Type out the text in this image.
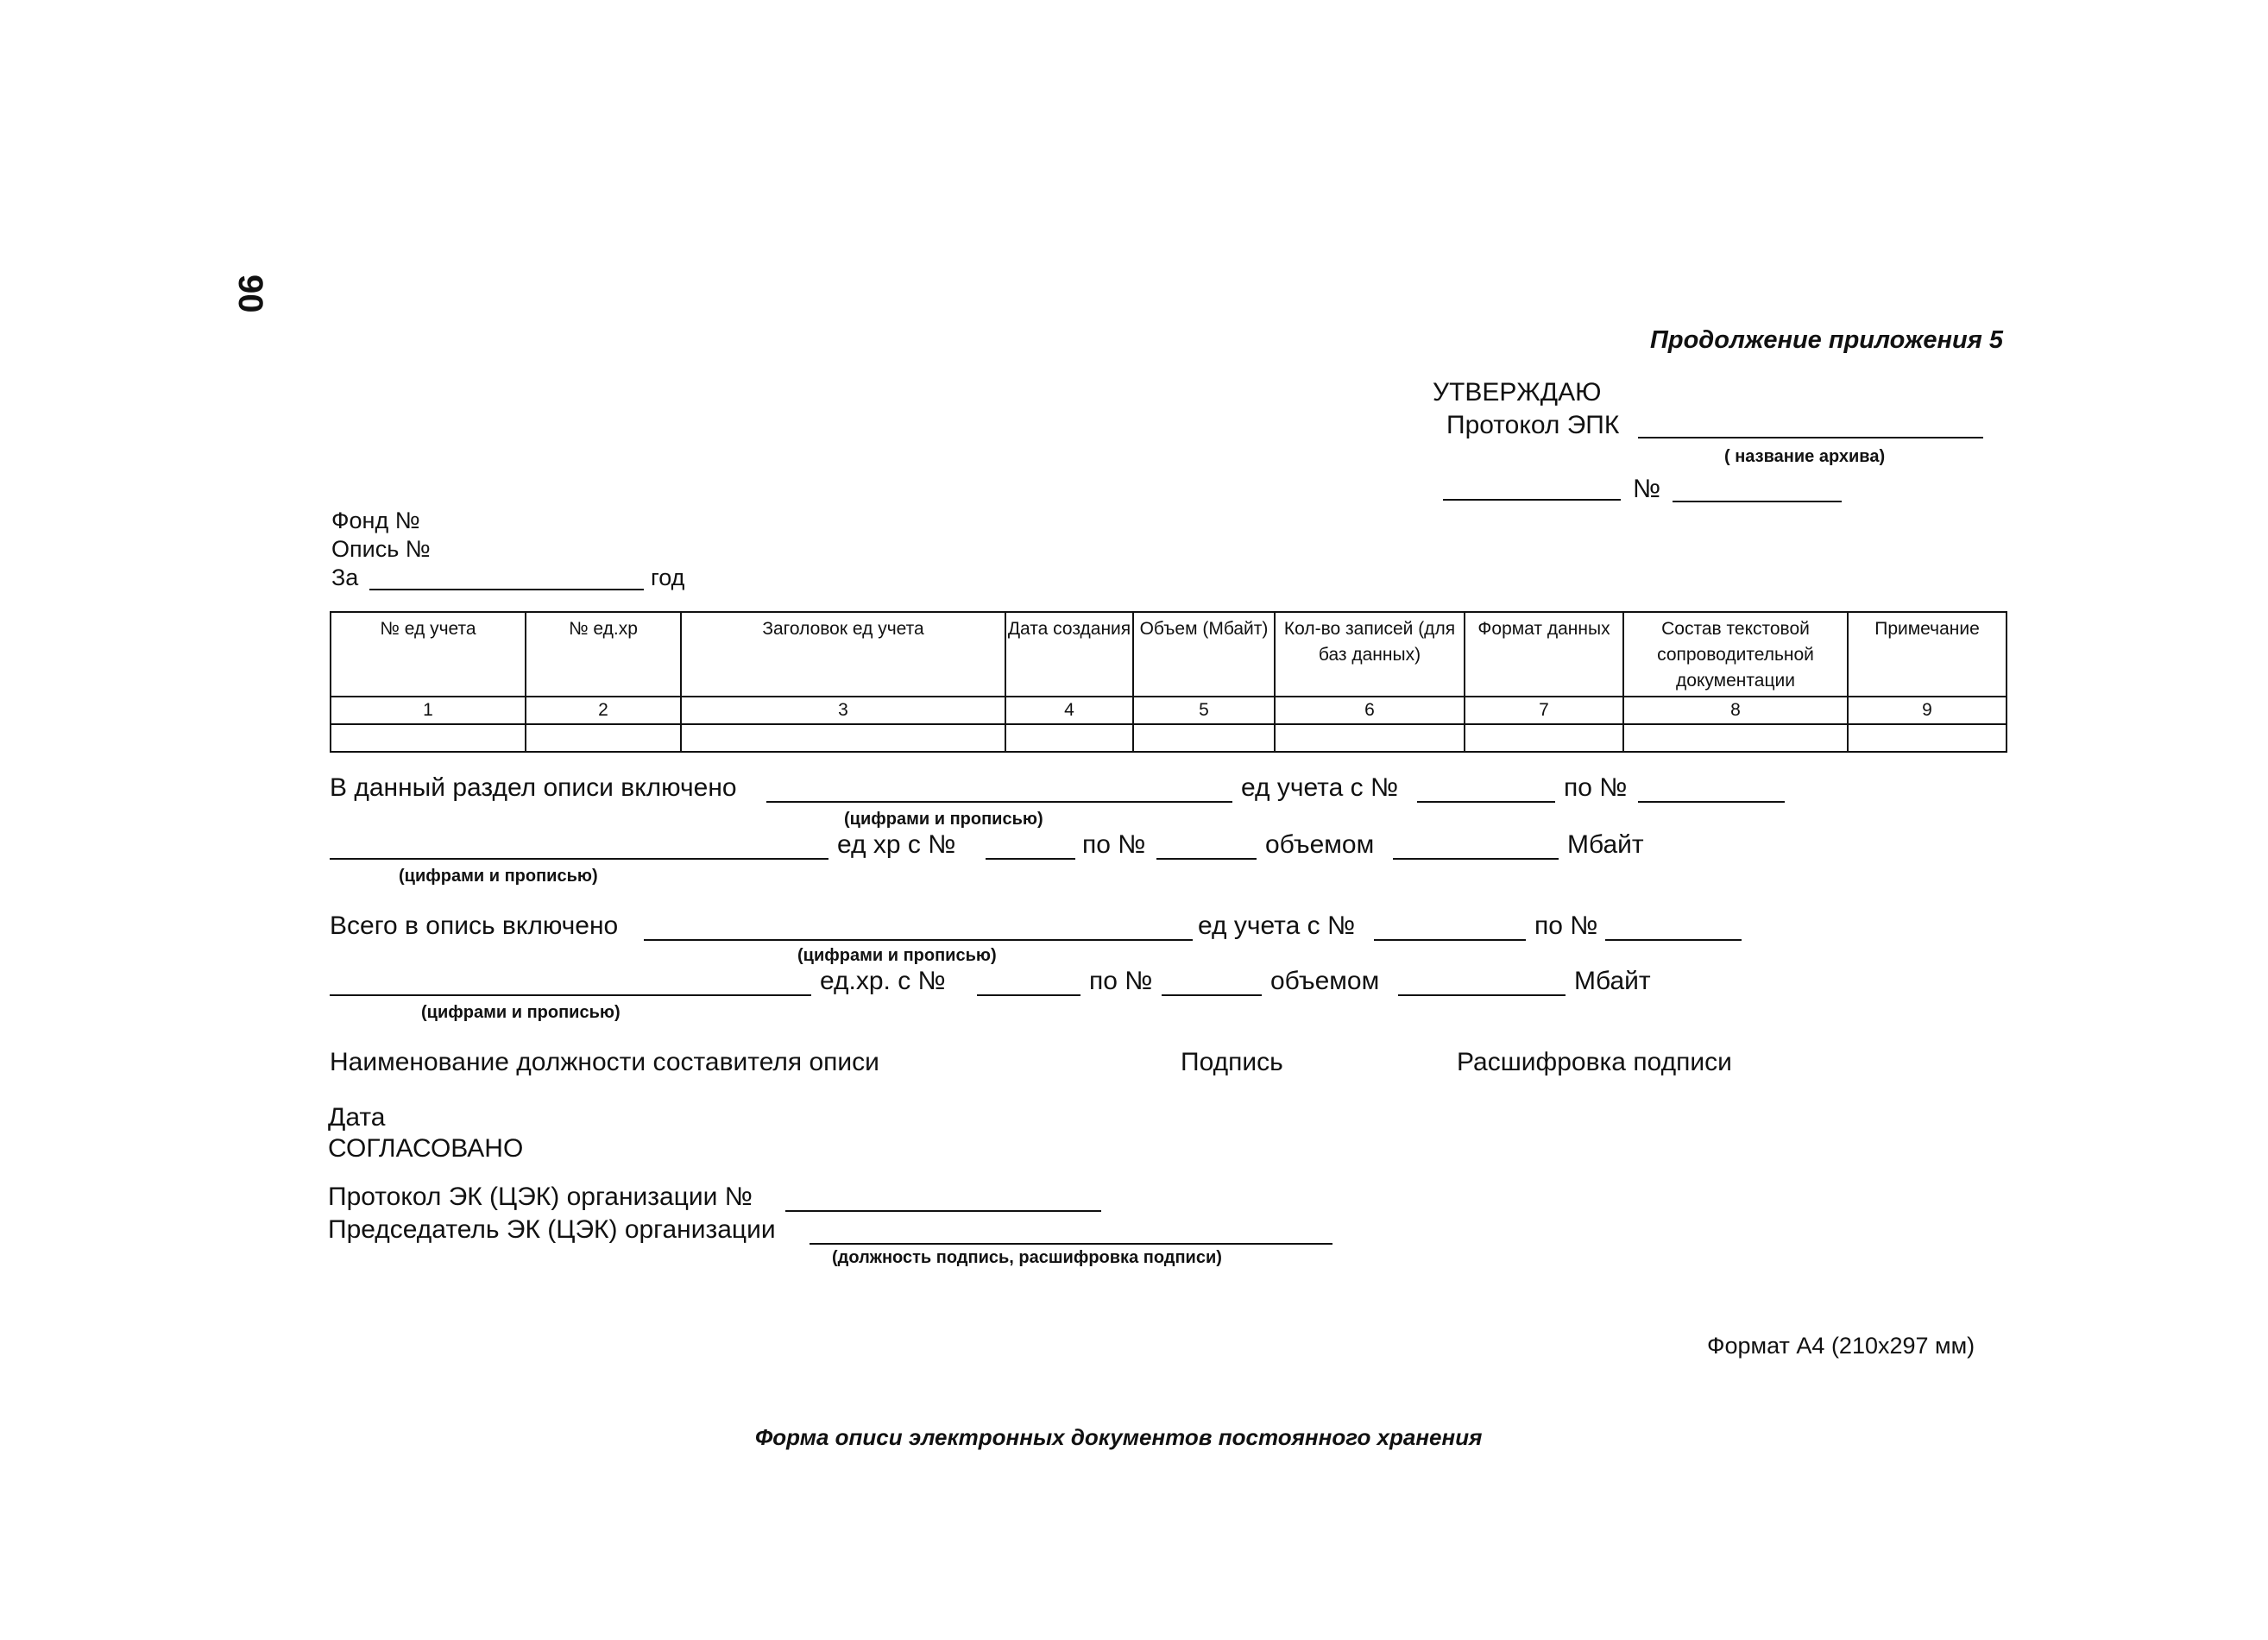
90
Продолжение приложения 5
УТВЕРЖДАЮ
Протокол ЭПК
( название архива)
№
Фонд №
Опись №
За	год
№ ед учета	№ ед.хр	Заголовок ед учета	Дата создания	Объем (Мбайт)	Кол-во записей (для баз данных)	Формат данных	Состав текстовой сопроводительной документации	Примечание
1	2	3	4	5	6	7	8	9

В данный раздел описи включено	ед учета с №	по №
(цифрами и прописью)
ед хр с №	по №	объемом	Мбайт
(цифрами и прописью)
Всего в опись включено	ед учета с №	по №
(цифрами и прописью)
ед.хр. с №	по №	объемом	Мбайт
(цифрами и прописью)
Наименование должности составителя описи	Подпись	Расшифровка подписи
Дата
СОГЛАСОВАНО
Протокол ЭК (ЦЭК) организации №
Председатель ЭК (ЦЭК) организации
(должность подпись, расшифровка подписи)
Формат А4 (210x297 мм)
Форма описи электронных документов постоянного хранения
